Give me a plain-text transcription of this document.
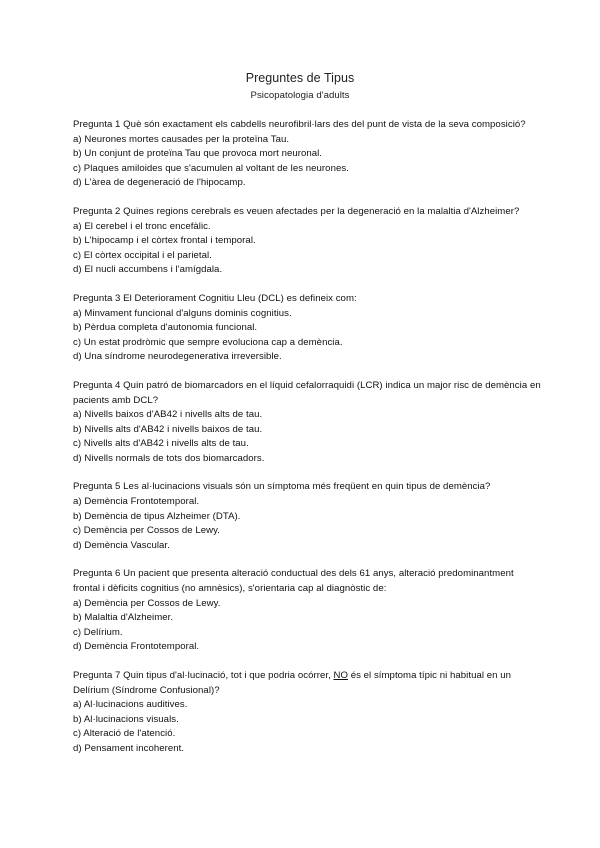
Preguntes de Tipus
Psicopatologia d'adults
Pregunta 1 Què són exactament els cabdells neurofibril·lars des del punt de vista de la seva composició?
a) Neurones mortes causades per la proteïna Tau.
b) Un conjunt de proteïna Tau que provoca mort neuronal.
c) Plaques amiloides que s'acumulen al voltant de les neurones.
d) L'àrea de degeneració de l'hipocamp.
Pregunta 2 Quines regions cerebrals es veuen afectades per la degeneració en la malaltia d'Alzheimer?
a) El cerebel i el tronc encefàlic.
b) L'hipocamp i el còrtex frontal i temporal.
c) El còrtex occipital i el parietal.
d) El nucli accumbens i l'amígdala.
Pregunta 3 El Deteriorament Cognitiu Lleu (DCL) es defineix com:
a) Minvament funcional d'alguns dominis cognitius.
b) Pèrdua completa d'autonomia funcional.
c) Un estat prodròmic que sempre evoluciona cap a demència.
d) Una síndrome neurodegenerativa irreversible.
Pregunta 4 Quin patró de biomarcadors en el líquid cefalorraquidi (LCR) indica un major risc de demència en pacients amb DCL?
a) Nivells baixos d'AB42 i nivells alts de tau.
b) Nivells alts d'AB42 i nivells baixos de tau.
c) Nivells alts d'AB42 i nivells alts de tau.
d) Nivells normals de tots dos biomarcadors.
Pregunta 5 Les al·lucinacions visuals són un símptoma més freqüent en quin tipus de demència?
a) Demència Frontotemporal.
b) Demència de tipus Alzheimer (DTA).
c) Demència per Cossos de Lewy.
d) Demència Vascular.
Pregunta 6 Un pacient que presenta alteració conductual des dels 61 anys, alteració predominantment frontal i dèficits cognitius (no amnèsics), s'orientaria cap al diagnòstic de:
a) Demència per Cossos de Lewy.
b) Malaltia d'Alzheimer.
c) Delírium.
d) Demència Frontotemporal.
Pregunta 7 Quin tipus d'al·lucinació, tot i que podria ocórrer, NO és el símptoma típic ni habitual en un Delírium (Síndrome Confusional)?
a) Al·lucinacions auditives.
b) Al·lucinacions visuals.
c) Alteració de l'atenció.
d) Pensament incoherent.
